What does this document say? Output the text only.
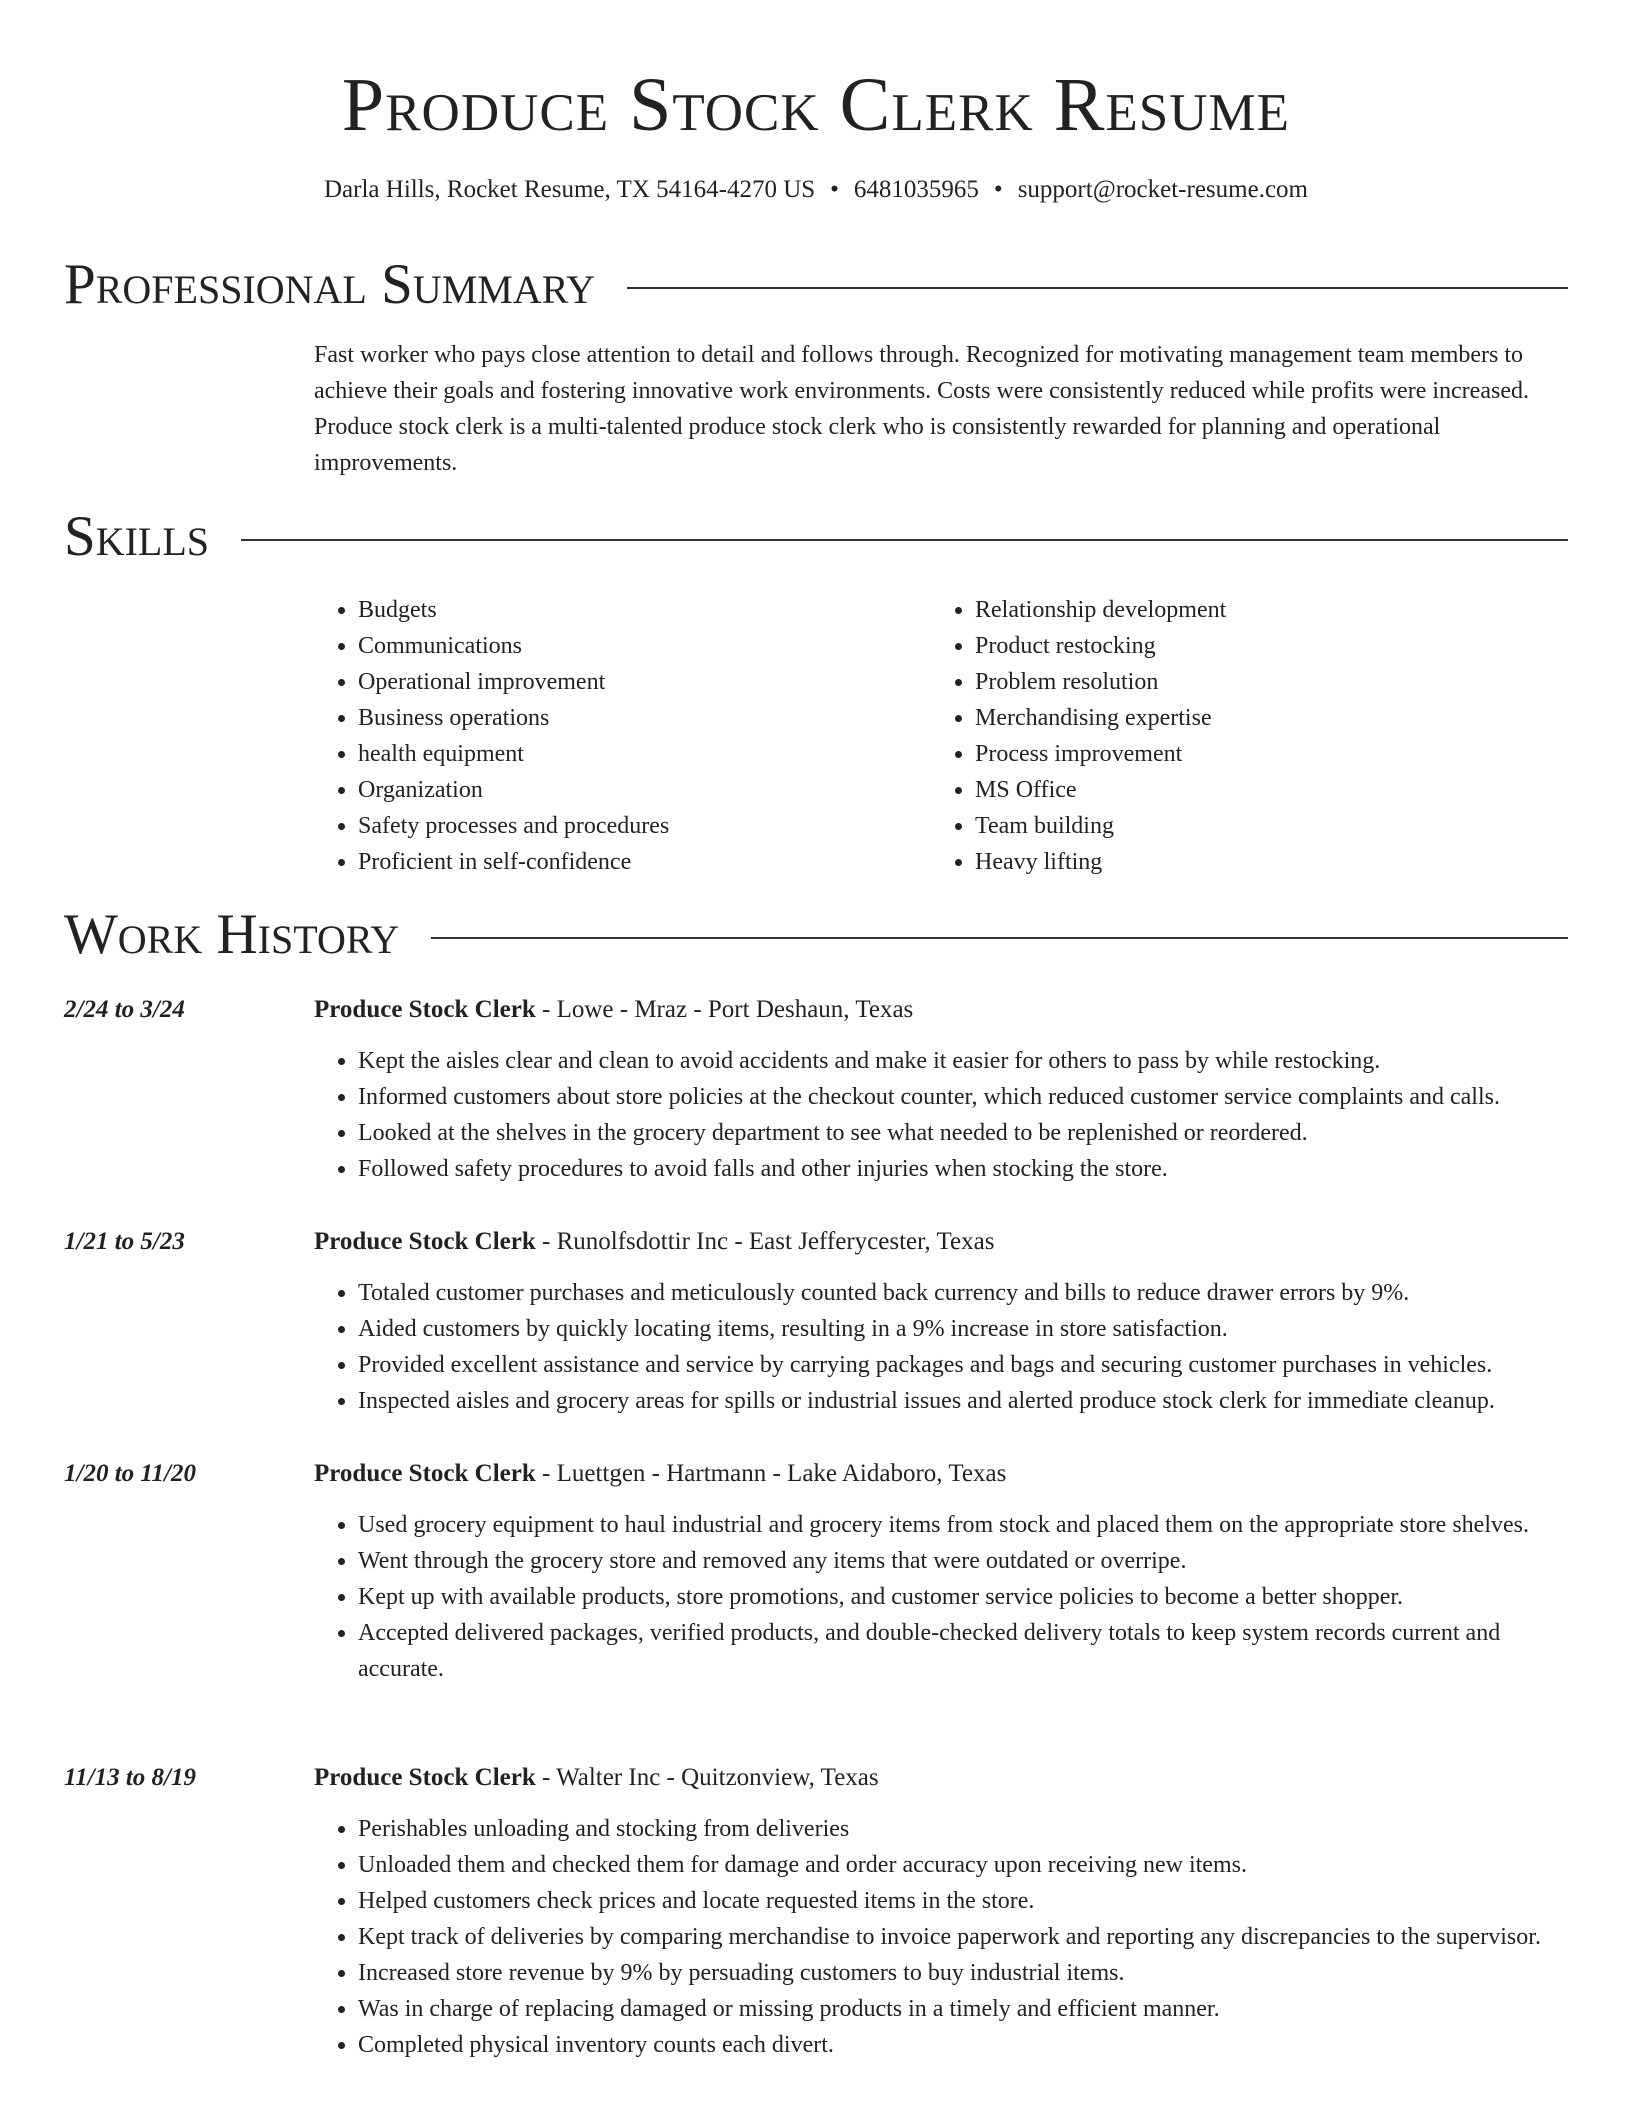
Produce Stock Clerk Resume
Darla Hills, Rocket Resume, TX 54164-4270 US • 6481035965 • support@rocket-resume.com
Professional Summary

Fast worker who pays close attention to detail and follows through. Recognized for motivating management team members to achieve their goals and fostering innovative work environments. Costs were consistently reduced while profits were increased. Produce stock clerk is a multi-talented produce stock clerk who is consistently rewarded for planning and operational improvements.

Skills
• Budgets
• Communications
• Operational improvement
• Business operations
• health equipment
• Organization
• Safety processes and procedures
• Proficient in self-confidence
• Relationship development
• Product restocking
• Problem resolution
• Merchandising expertise
• Process improvement
• MS Office
• Team building
• Heavy lifting
Work History
2/24 to 3/24	Produce Stock Clerk - Lowe - Mraz - Port Deshaun, Texas
• Kept the aisles clear and clean to avoid accidents and make it easier for others to pass by while restocking.
• Informed customers about store policies at the checkout counter, which reduced customer service complaints and calls.
• Looked at the shelves in the grocery department to see what needed to be replenished or reordered.
• Followed safety procedures to avoid falls and other injuries when stocking the store.
1/21 to 5/23	Produce Stock Clerk - Runolfsdottir Inc - East Jefferycester, Texas
• Totaled customer purchases and meticulously counted back currency and bills to reduce drawer errors by 9%.
• Aided customers by quickly locating items, resulting in a 9% increase in store satisfaction.
• Provided excellent assistance and service by carrying packages and bags and securing customer purchases in vehicles.
• Inspected aisles and grocery areas for spills or industrial issues and alerted produce stock clerk for immediate cleanup.
1/20 to 11/20	Produce Stock Clerk - Luettgen - Hartmann - Lake Aidaboro, Texas
• Used grocery equipment to haul industrial and grocery items from stock and placed them on the appropriate store shelves.
• Went through the grocery store and removed any items that were outdated or overripe.
• Kept up with available products, store promotions, and customer service policies to become a better shopper.
• Accepted delivered packages, verified products, and double-checked delivery totals to keep system records current and accurate.
11/13 to 8/19	Produce Stock Clerk - Walter Inc - Quitzonview, Texas
• Perishables unloading and stocking from deliveries
• Unloaded them and checked them for damage and order accuracy upon receiving new items.
• Helped customers check prices and locate requested items in the store.
• Kept track of deliveries by comparing merchandise to invoice paperwork and reporting any discrepancies to the supervisor.
• Increased store revenue by 9% by persuading customers to buy industrial items.
• Was in charge of replacing damaged or missing products in a timely and efficient manner.
• Completed physical inventory counts each divert.
